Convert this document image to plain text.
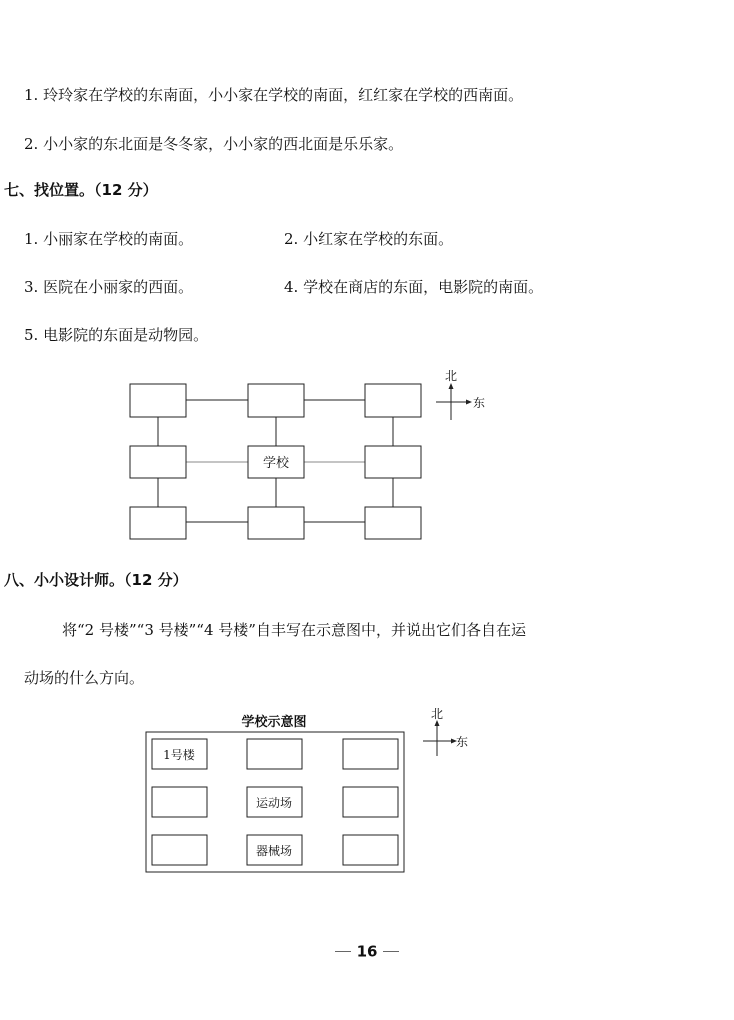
1. 玲玲家在学校的东南面，小小家在学校的南面，红红家在学校的西南面。
2. 小小家的东北面是冬冬家，小小家的西北面是乐乐家。
七、找位置。（12 分）
1. 小丽家在学校的南面。	2. 小红家在学校的东面。
3. 医院在小丽家的西面。	4. 学校在商店的东面，电影院的南面。
5. 电影院的东面是动物园。
学校
北
东
八、小小设计师。（12 分）
将“2 号楼”“3 号楼”“4 号楼”自丰写在示意图中，并说出它们各自在运
动场的什么方向。
学校示意图
1号楼
运动场
器械场
北
东
16
